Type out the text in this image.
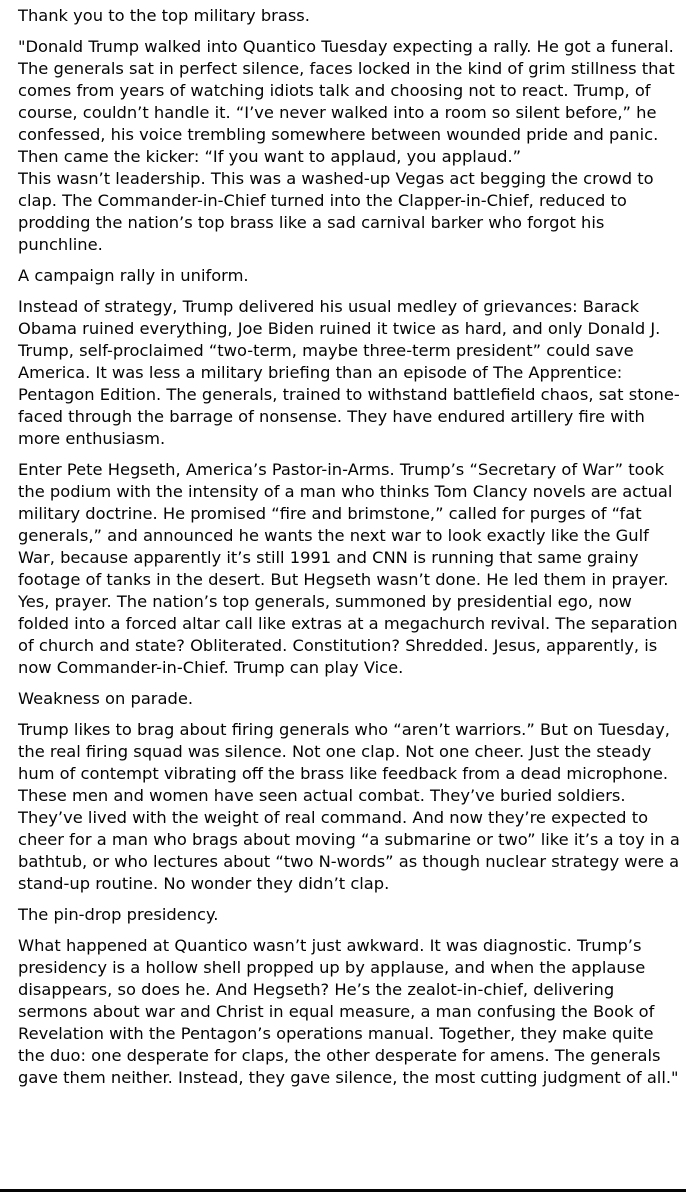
Thank you to the top military brass.

"Donald Trump walked into Quantico Tuesday expecting a rally. He got a funeral. The generals sat in perfect silence, faces locked in the kind of grim stillness that comes from years of watching idiots talk and choosing not to react. Trump, of course, couldn’t handle it. “I’ve never walked into a room so silent before,” he confessed, his voice trembling somewhere between wounded pride and panic. Then came the kicker: “If you want to applaud, you applaud.”
This wasn’t leadership. This was a washed-up Vegas act begging the crowd to clap. The Commander-in-Chief turned into the Clapper-in-Chief, reduced to prodding the nation’s top brass like a sad carnival barker who forgot his punchline.

A campaign rally in uniform.

Instead of strategy, Trump delivered his usual medley of grievances: Barack Obama ruined everything, Joe Biden ruined it twice as hard, and only Donald J. Trump, self-proclaimed “two-term, maybe three-term president” could save America. It was less a military briefing than an episode of The Apprentice: Pentagon Edition. The generals, trained to withstand battlefield chaos, sat stone-faced through the barrage of nonsense. They have endured artillery fire with more enthusiasm.

Enter Pete Hegseth, America’s Pastor-in-Arms. Trump’s “Secretary of War” took the podium with the intensity of a man who thinks Tom Clancy novels are actual military doctrine. He promised “fire and brimstone,” called for purges of “fat generals,” and announced he wants the next war to look exactly like the Gulf War, because apparently it’s still 1991 and CNN is running that same grainy footage of tanks in the desert. But Hegseth wasn’t done. He led them in prayer. Yes, prayer. The nation’s top generals, summoned by presidential ego, now folded into a forced altar call like extras at a megachurch revival. The separation of church and state? Obliterated. Constitution? Shredded. Jesus, apparently, is now Commander-in-Chief. Trump can play Vice.

Weakness on parade.

Trump likes to brag about firing generals who “aren’t warriors.” But on Tuesday, the real firing squad was silence. Not one clap. Not one cheer. Just the steady hum of contempt vibrating off the brass like feedback from a dead microphone. These men and women have seen actual combat. They’ve buried soldiers. They’ve lived with the weight of real command. And now they’re expected to cheer for a man who brags about moving “a submarine or two” like it’s a toy in a bathtub, or who lectures about “two N-words” as though nuclear strategy were a stand-up routine. No wonder they didn’t clap.

The pin-drop presidency.

What happened at Quantico wasn’t just awkward. It was diagnostic. Trump’s presidency is a hollow shell propped up by applause, and when the applause disappears, so does he. And Hegseth? He’s the zealot-in-chief, delivering sermons about war and Christ in equal measure, a man confusing the Book of Revelation with the Pentagon’s operations manual. Together, they make quite the duo: one desperate for claps, the other desperate for amens. The generals gave them neither. Instead, they gave silence, the most cutting judgment of all."
